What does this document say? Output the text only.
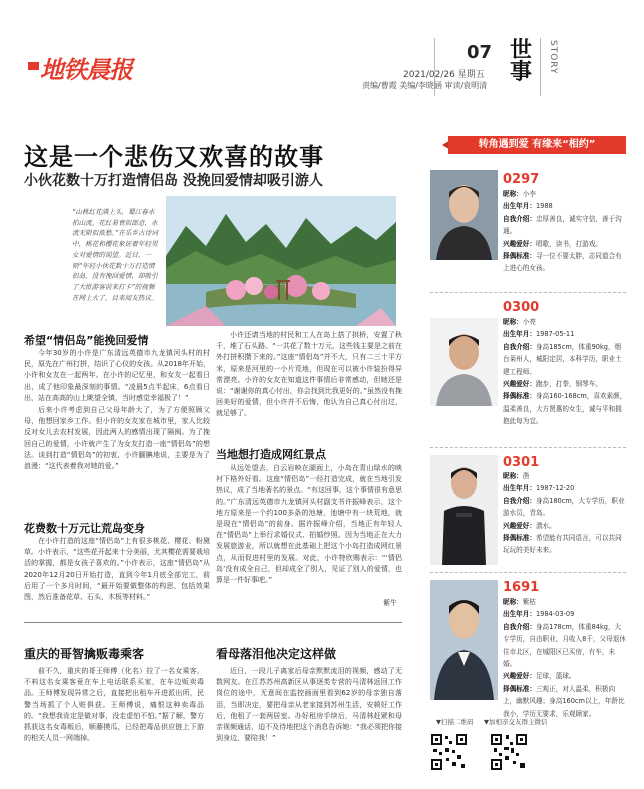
地铁晨报
07
2021/02/26 星期五
责编/曹霞 美编/李晓涵 审读/袁明清
世事 STORY
这是一个悲伤又欢喜的故事
小伙花数十万打造情侣岛 没挽回爱情却吸引游人
“山桃红花满上头，蜀江春水拍山流。花红易衰似郎意，水流无限似侬愁。”在乐乡古诗词中，桃花和樱花象征着年轻男女对爱情的渴望。近日，一则“年轻小伙花数十万打造情侣岛，没有挽回爱情，却吸引了大批游客前来打卡”的视频在网上火了，目来阅友热议。
希望“情侣岛”能挽回爱情
今年30岁的小许是广东清远英德市九龙镇河头村的村民，原先在广州打拼，结识了心仪的女孩。从2018年开始，小许和女友在一起两年。在小许的记忆里，和女友一起看日出，成了他印象最深刻的事情。“凌晨5点半起床，6点看日出，站在高高的山上眺望全镇，当时感觉幸福极了！”
后来小许考虑到自己父母年龄大了，为了方便照顾父母，他想回家乡工作。但小许的女友家在城市里，家人比较反对女儿去农村发展，因此两人的感情出现了隔阂。为了挽回自己的爱情，小许就产生了为女友打造一座“情侣岛”的想法。谈到打造“情侣岛”的初衷，小许腼腆地说，主要是为了浪漫：“这代表着我对她的爱。”
花费数十万元让荒岛变身
在小许打造的这座“情侣岛”上有很多桃花、樱花、粉黛草。小许表示，“这些花开起来十分美丽，尤其樱花需要栽培活的掌握，都是女孩子喜欢的。”小许表示，这座“情侣岛”从2020年12月20日开始打造，直到今年1月底全部完工，前后用了一个多月时间，“最开始要做整体的构思，包括效果图，然后准备花草、石头、木板等材料。”
小许还请当地的村民和工人在岛上搭了拱桥，安置了秋千，堆了石头路。“一共花了数十万元，这些钱主要是之前在外打拼积攒下来的。”这座“情侣岛”并不大，只有二三十平方米，原来是河里的一小片荒地，但现在可以被小许装扮得异常漂亮。小许的女友在知道这件事情后非常感动，但她还是说：“谢谢你的真心付出，你会找到比我更好的。”虽然没有挽回美好的爱情，但小许并不后悔，他认为自己真心付出过，就足够了。
当地想打造成网红景点
从远处望去，白云岩映在湖面上，小岛在青山绿水的映衬下格外好看。这座“情侣岛”一经打造完成，就在当地引发热议，成了当地著名的景点。“有这回事，这个事情很有意思的。”广东清远英德市九龙镇河头村副支书许振峰表示，这个地方原来是一个约100多条的池塘，池塘中有一块荒地，就是现在“情侣岛”的前身。据许振峰介绍，当地正有年轻人在“情侣岛”上举行求婚仪式、拍婚纱照。因为当地正在大力发展旅游业，所以就想在此基础上把这个小岛打造成网红景点，从而促进村里的发展。对此，小许特欣赐表示：“‘情侣岛’没有成全自己，但却成全了别人，见证了别人的爱情，也算是一件好事吧。”
紫牛
重庆的哥智擒贩毒乘客
前不久，重庆的哥王师傅（化名）拉了一名女乘客，不料这名女乘客竟在车上电话联系买家，在车边贩卖毒品。王师傅发现异常之后，直接把出租车开进派出所，民警当场抓了个人赃俱获。王师傅说，痛恨这种卖毒品的。“我想我肯定是做对事，没走虚怕不怕。”据了解，警方抓获这名女毒贩后，顺藤摸瓜，已经把毒品供应链上下游的相关人员一网端掉。
看母落泪他决定这样做
近日，一段儿子离家后母亲默默流泪的视频，感动了无数网友。在江苏苏州高新区从事逐类专营的马清林返回工作岗位的途中，无意间在监控画面里看到62岁的母亲独自落泪，当即决定，要把母亲从老家接到苏州生活，安顿好工作后，他租了一套两居室。办好租房手续后，马清林赶紧和母亲视频通话，迫不及待地把这个消息告诉她：“我必须把你接到身边，要陪我！”
转角遇到爱 有缘来“相约”
0297
昵称：小李
出生年月：1988
自我介绍：忠厚善良，诚实守信，善于沟通。
兴趣爱好：唱歌，读书，打游戏。
择偶标准：寻一位不要太胖，志同道合有上进心的女孩。
0300
昵称：小亮
出生年月：1987-05-11
自我介绍：身高185cm，体重90kg，烟台莱州人，城阳定居，本科学历，职业土建工程师。
兴趣爱好：跑步，打拳，钢琴车。
择偶标准：身高160-168cm，喜欢素颜，温柔善良，大方贤惠的女生，诚与平和拥抱此每为宜。
0301
昵称：凿
出生年月：1987-12-20
自我介绍：身高180cm，大专学历，职业游水员，青岛。
兴趣爱好：潜水。
择偶标准：希望能有共同语言，可以共同玩玩的美好未来。
1691
昵称：紫枯
出生年月：1984-03-09
自我介绍：身高178cm，体重84kg，大专学历，自由职业，月收入8千，父母退休住市北区，在城阳区已买房，有车，未婚。
兴趣爱好：足球，篮球。
择偶标准：三观正，对人温柔，积极向上，幽默风趣；身高160cm以上，年龄比我小，学历无要求，乐观顾家。
▼扫描二维码 ▼加相亲交友群主微信
